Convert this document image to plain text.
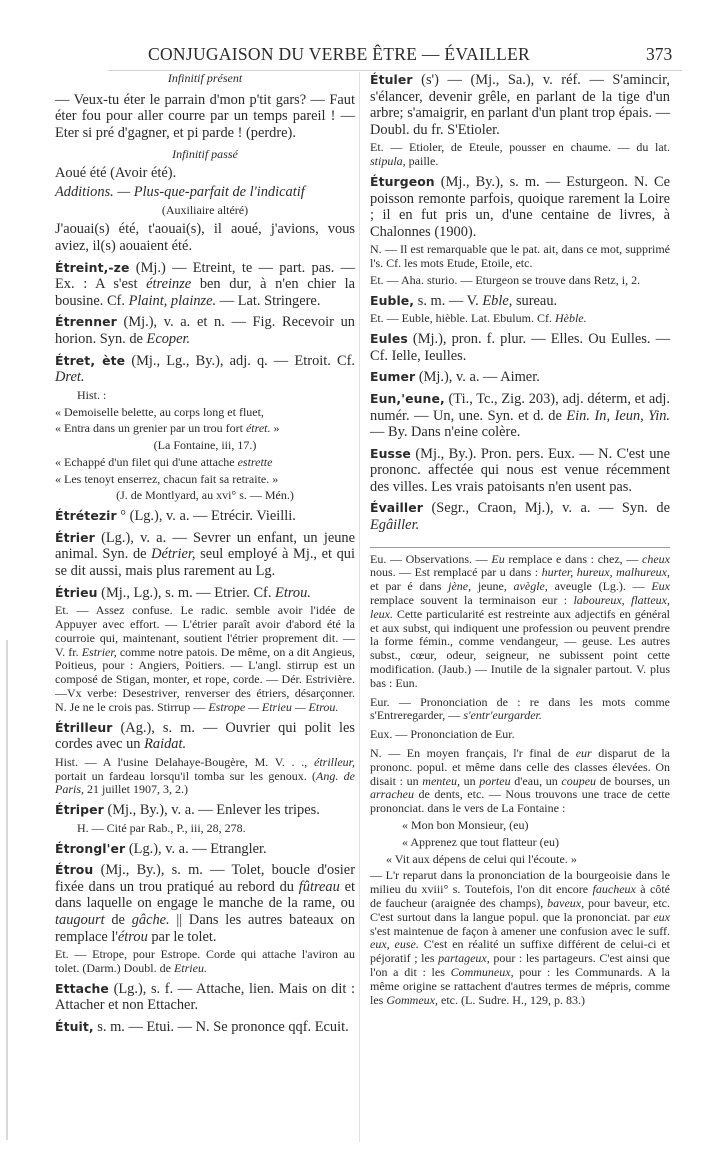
CONJUGAISON DU VERBE ÊTRE — ÉVAILLER	373

Infinitif présent

— Veux-tu éter le parrain d'mon p'tit gars? — Faut éter fou pour aller courre par un temps pareil ! — Eter si pré d'gagner, et pi parde ! (perdre).

Infinitif passé

Aoué été (Avoir été).

Additions. — Plus-que-parfait de l'indicatif

(Auxiliaire altéré)

J'aouai(s) été, t'aouai(s), il aoué, j'avions, vous aviez, il(s) aouaient été.

Étreint,-ze (Mj.) — Etreint, te — part. pas. — Ex. : A s'est étreinze ben dur, à n'en chier la bousine. Cf. Plaint, plainze. — Lat. Stringere.

Étrenner (Mj.), v. a. et n. — Fig. Recevoir un horion. Syn. de Ecoper.

Étret, ète (Mj., Lg., By.), adj. q. — Etroit. Cf. Dret.

Hist. :

« Demoiselle belette, au corps long et fluet,

« Entra dans un grenier par un trou fort étret. »

(La Fontaine, iii, 17.)

« Echappé d'un filet qui d'une attache estrette

« Les tenoyt enserrez, chacun fait sa retraite. »

(J. de Montlyard, au xvi° s. — Mén.)

Étrétezir ° (Lg.), v. a. — Etrécir. Vieilli.

Étrier (Lg.), v. a. — Sevrer un enfant, un jeune animal. Syn. de Détrier, seul employé à Mj., et qui se dit aussi, mais plus rarement au Lg.

Étrieu (Mj., Lg.), s. m. — Etrier. Cf. Etrou.

Et. — Assez confuse. Le radic. semble avoir l'idée de Appuyer avec effort. — L'étrier paraît avoir d'abord été la courroie qui, maintenant, soutient l'étrier proprement dit. — V. fr. Estrier, comme notre patois. De même, on a dit Angieus, Poitieus, pour : Angiers, Poitiers. — L'angl. stirrup est un composé de Stigan, monter, et rope, corde. — Dér. Estrivière. —Vx verbe: Desestriver, renverser des étriers, désarçonner. N. Je ne le crois pas. Stirrup — Estrope — Etrieu — Etrou.

Étrilleur (Ag.), s. m. — Ouvrier qui polit les cordes avec un Raidat.

Hist. — A l'usine Delahaye-Bougère, M. V. . ., étrilleur, portait un fardeau lorsqu'il tomba sur les genoux. (Ang. de Paris, 21 juillet 1907, 3, 2.)

Étriper (Mj., By.), v. a. — Enlever les tripes.

H. — Cité par Rab., P., iii, 28, 278.

Étrongl'er (Lg.), v. a. — Etrangler.

Étrou (Mj., By.), s. m. — Tolet, boucle d'osier fixée dans un trou pratiqué au rebord du fûtreau et dans laquelle on engage le manche de la rame, ou taugourt de gâche. || Dans les autres bateaux on remplace l'étrou par le tolet.

Et. — Etrope, pour Estrope. Corde qui attache l'aviron au tolet. (Darm.) Doubl. de Etrieu.

Ettache (Lg.), s. f. — Attache, lien. Mais on dit : Attacher et non Ettacher.

Étuit, s. m. — Etui. — N. Se prononce qqf. Ecuit.

Étuler (s') — (Mj., Sa.), v. réf. — S'amincir, s'élancer, devenir grêle, en parlant de la tige d'un arbre; s'amaigrir, en parlant d'un plant trop épais. — Doubl. du fr. S'Etioler.

Et. — Etioler, de Eteule, pousser en chaume. — du lat. stipula, paille.

Éturgeon (Mj., By.), s. m. — Esturgeon. N. Ce poisson remonte parfois, quoique rarement la Loire ; il en fut pris un, d'une centaine de livres, à Chalonnes (1900).

N. — Il est remarquable que le pat. ait, dans ce mot, supprimé l's. Cf. les mots Etude, Etoile, etc.

Et. — Aha. sturio. — Eturgeon se trouve dans Retz, i, 2.

Euble, s. m. — V. Eble, sureau.

Et. — Euble, hièble. Lat. Ebulum. Cf. Hèble.

Eules (Mj.), pron. f. plur. — Elles. Ou Eulles. — Cf. Ielle, Ieulles.

Eumer (Mj.), v. a. — Aimer.

Eun,'eune, (Ti., Tc., Zig. 203), adj. déterm, et adj. numér. — Un, une. Syn. et d. de Ein. In, Ieun, Yin. — By. Dans n'eine colère.

Eusse (Mj., By.). Pron. pers. Eux. — N. C'est une prononc. affectée qui nous est venue récemment des villes. Les vrais patoisants n'en usent pas.

Évailler (Segr., Craon, Mj.), v. a. — Syn. de Egâiller.

Eu. — Observations. — Eu remplace e dans : chez, — cheux nous. — Est remplacé par u dans : hurter, hureux, malhureux, et par é dans jène, jeune, avègle, aveugle (Lg.). — Eux remplace souvent la terminaison eur : laboureux, flatteux, leux. Cette particularité est restreinte aux adjectifs en général et aux subst, qui indiquent une profession ou peuvent prendre la forme fémin., comme vendangeur, — geuse. Les autres subst., cœur, odeur, seigneur, ne subissent point cette modification. (Jaub.) — Inutile de la signaler partout. V. plus bas : Eun.

Eur. — Prononciation de : re dans les mots comme s'Entreregarder, — s'entr'eurgarder.

Eux. — Prononciation de Eur.

N. — En moyen français, l'r final de eur disparut de la prononc. popul. et même dans celle des classes élevées. On disait : un menteu, un porteu d'eau, un coupeu de bourses, un arracheu de dents, etc. — Nous trouvons une trace de cette prononciat. dans le vers de La Fontaine :

« Mon bon Monsieur, (eu)

« Apprenez que tout flatteur (eu)

« Vit aux dépens de celui qui l'écoute. »

— L'r reparut dans la prononciation de la bourgeoisie dans le milieu du xviii° s. Toutefois, l'on dit encore faucheux à côté de faucheur (araignée des champs), baveux, pour baveur, etc. C'est surtout dans la langue popul. que la prononciat. par eux s'est maintenue de façon à amener une confusion avec le suff. eux, euse. C'est en réalité un suffixe différent de celui-ci et péjoratif ; les partageux, pour : les partageurs. C'est ainsi que l'on a dit : les Communeux, pour : les Communards. A la même origine se rattachent d'autres termes de mépris, comme les Gommeux, etc. (L. Sudre. H., 129, p. 83.)
